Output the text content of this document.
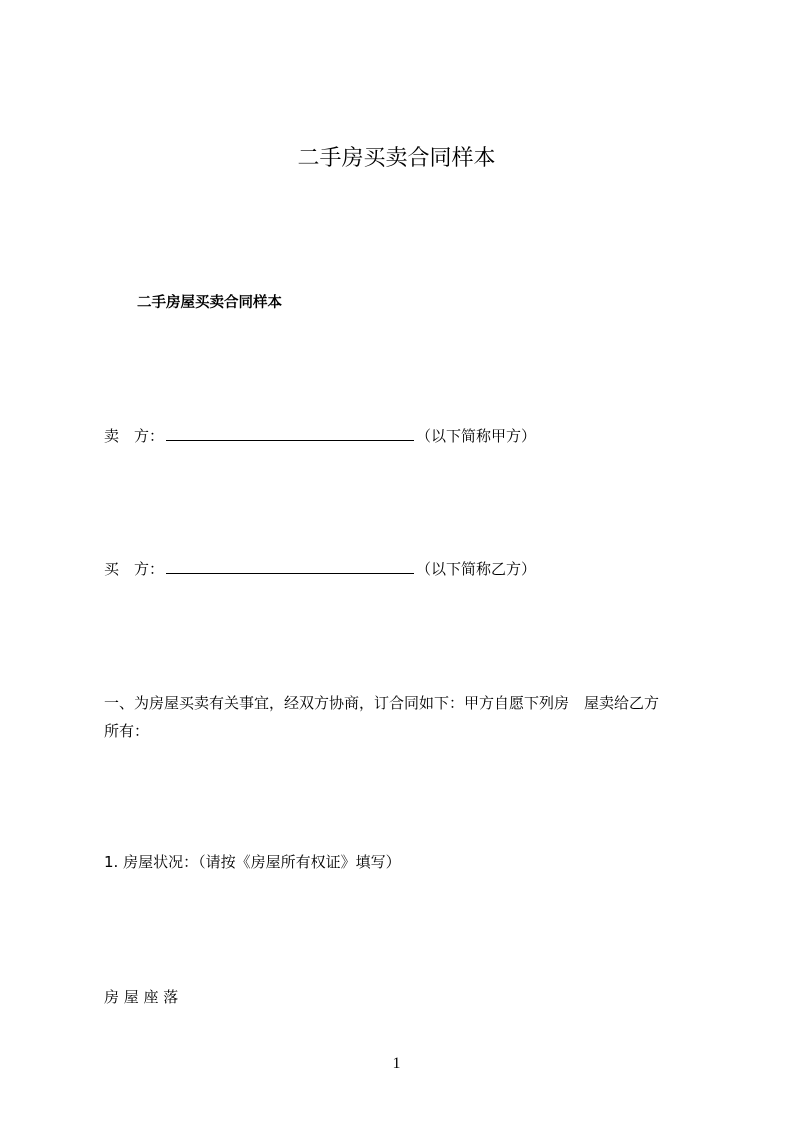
二手房买卖合同样本
二手房屋买卖合同样本
卖　方：	（以下简称甲方）
买　方：	（以下简称乙方）
一、为房屋买卖有关事宜，经双方协商，订合同如下：甲方自愿下列房　屋卖给乙方
所有：
1. 房屋状况：（请按《房屋所有权证》填写）
房 屋 座 落
1
